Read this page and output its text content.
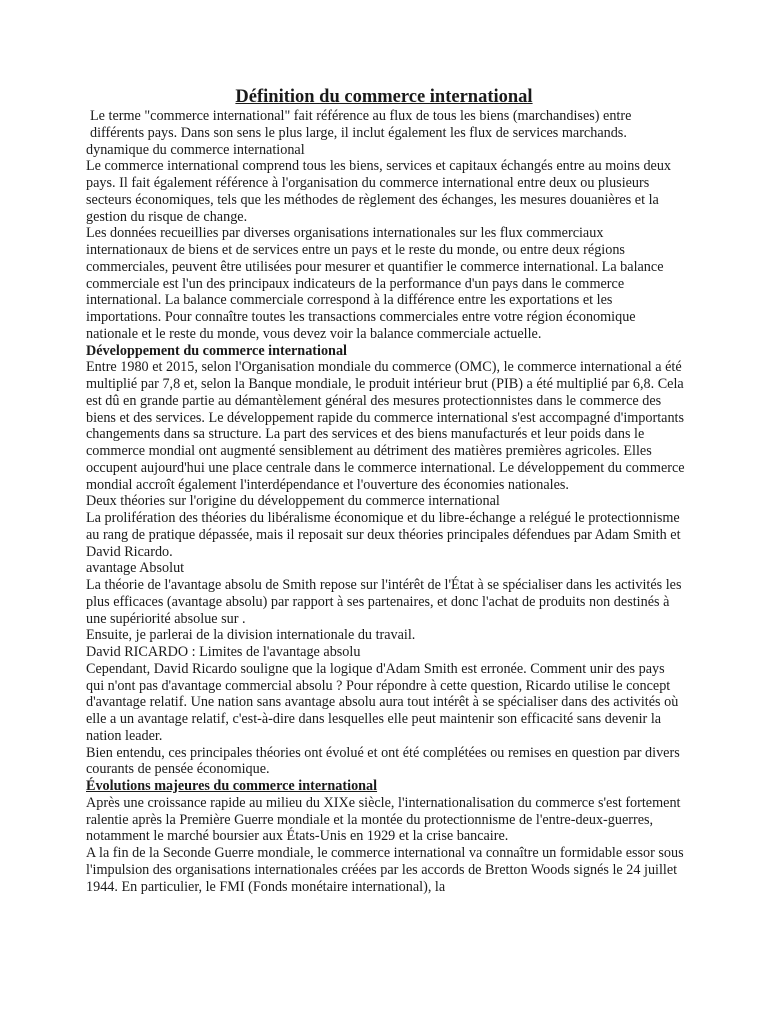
Définition du commerce international

Le terme "commerce international" fait référence au flux de tous les biens (marchandises) entre différents pays. Dans son sens le plus large, il inclut également les flux de services marchands.

dynamique du commerce international

Le commerce international comprend tous les biens, services et capitaux échangés entre au moins deux pays. Il fait également référence à l'organisation du commerce international entre deux ou plusieurs secteurs économiques, tels que les méthodes de règlement des échanges, les mesures douanières et la gestion du risque de change.

Les données recueillies par diverses organisations internationales sur les flux commerciaux internationaux de biens et de services entre un pays et le reste du monde, ou entre deux régions commerciales, peuvent être utilisées pour mesurer et quantifier le commerce international. La balance commerciale est l'un des principaux indicateurs de la performance d'un pays dans le commerce international. La balance commerciale correspond à la différence entre les exportations et les importations. Pour connaître toutes les transactions commerciales entre votre région économique nationale et le reste du monde, vous devez voir la balance commerciale actuelle.

Développement du commerce international

Entre 1980 et 2015, selon l'Organisation mondiale du commerce (OMC), le commerce international a été multiplié par 7,8 et, selon la Banque mondiale, le produit intérieur brut (PIB) a été multiplié par 6,8. Cela est dû en grande partie au démantèlement général des mesures protectionnistes dans le commerce des biens et des services. Le développement rapide du commerce international s'est accompagné d'importants changements dans sa structure. La part des services et des biens manufacturés et leur poids dans le commerce mondial ont augmenté sensiblement au détriment des matières premières agricoles. Elles occupent aujourd'hui une place centrale dans le commerce international. Le développement du commerce mondial accroît également l'interdépendance et l'ouverture des économies nationales.

Deux théories sur l'origine du développement du commerce international

La prolifération des théories du libéralisme économique et du libre-échange a relégué le protectionnisme au rang de pratique dépassée, mais il reposait sur deux théories principales défendues par Adam Smith et David Ricardo.

avantage Absolut

La théorie de l'avantage absolu de Smith repose sur l'intérêt de l'État à se spécialiser dans les activités les plus efficaces (avantage absolu) par rapport à ses partenaires, et donc l'achat de produits non destinés à une supériorité absolue sur .

Ensuite, je parlerai de la division internationale du travail.

David RICARDO : Limites de l'avantage absolu

Cependant, David Ricardo souligne que la logique d'Adam Smith est erronée. Comment unir des pays qui n'ont pas d'avantage commercial absolu ? Pour répondre à cette question, Ricardo utilise le concept d'avantage relatif. Une nation sans avantage absolu aura tout intérêt à se spécialiser dans des activités où elle a un avantage relatif, c'est-à-dire dans lesquelles elle peut maintenir son efficacité sans devenir la nation leader.

Bien entendu, ces principales théories ont évolué et ont été complétées ou remises en question par divers courants de pensée économique.

Évolutions majeures du commerce international

Après une croissance rapide au milieu du XIXe siècle, l'internationalisation du commerce s'est fortement ralentie après la Première Guerre mondiale et la montée du protectionnisme de l'entre-deux-guerres, notamment le marché boursier aux États-Unis en 1929 et la crise bancaire.

A la fin de la Seconde Guerre mondiale, le commerce international va connaître un formidable essor sous l'impulsion des organisations internationales créées par les accords de Bretton Woods signés le 24 juillet 1944. En particulier, le FMI (Fonds monétaire international), la
